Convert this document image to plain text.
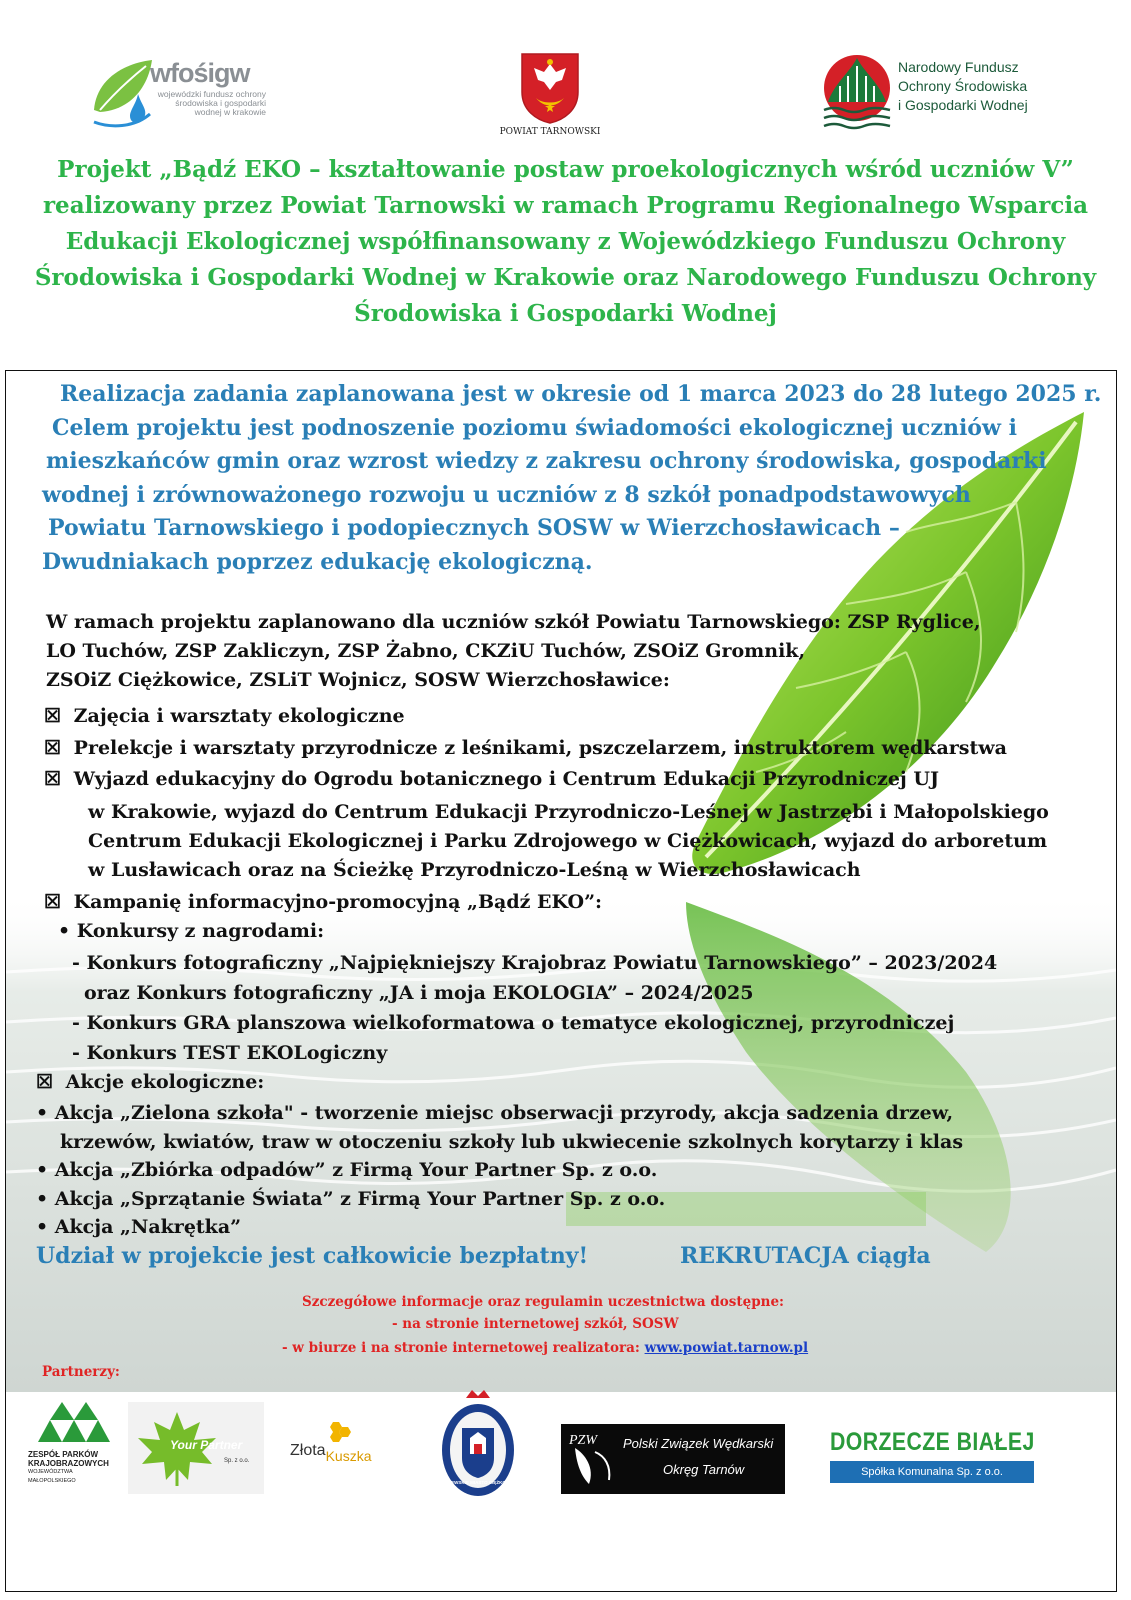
wfośigw
wojewódzki fundusz ochrony środowiska i gospodarki wodnej w krakowie
POWIAT TARNOWSKI
Narodowy Fundusz
Ochrony Środowiska
i Gospodarki Wodnej
Projekt „Bądź EKO – kształtowanie postaw proekologicznych wśród uczniów V”
realizowany przez Powiat Tarnowski w ramach Programu Regionalnego Wsparcia
Edukacji Ekologicznej współfinansowany z Wojewódzkiego Funduszu Ochrony
Środowiska i Gospodarki Wodnej w Krakowie oraz Narodowego Funduszu Ochrony
Środowiska i Gospodarki Wodnej
Realizacja zadania zaplanowana jest w okresie od 1 marca 2023 do 28 lutego 2025 r.
Celem projektu jest podnoszenie poziomu świadomości ekologicznej uczniów i
mieszkańców gmin oraz wzrost wiedzy z zakresu ochrony środowiska, gospodarki
wodnej i zrównoważonego rozwoju u uczniów z 8 szkół ponadpodstawowych
Powiatu Tarnowskiego i podopiecznych SOSW w Wierzchosławicach –
Dwudniakach poprzez edukację ekologiczną.
W ramach projektu zaplanowano dla uczniów szkół Powiatu Tarnowskiego: ZSP Ryglice,
LO Tuchów, ZSP Zakliczyn, ZSP Żabno, CKZiU Tuchów, ZSOiZ Gromnik,
ZSOiZ Ciężkowice, ZSLiT Wojnicz, SOSW Wierzchosławice:
☒ Zajęcia i warsztaty ekologiczne
☒ Prelekcje i warsztaty przyrodnicze z leśnikami, pszczelarzem, instruktorem wędkarstwa
☒ Wyjazd edukacyjny do Ogrodu botanicznego i Centrum Edukacji Przyrodniczej UJ
w Krakowie, wyjazd do Centrum Edukacji Przyrodniczo-Leśnej w Jastrzębi i Małopolskiego
Centrum Edukacji Ekologicznej i Parku Zdrojowego w Ciężkowicach, wyjazd do arboretum
w Lusławicach oraz na Ścieżkę Przyrodniczo-Leśną w Wierzchosławicach
☒ Kampanię informacyjno-promocyjną „Bądź EKO”:
• Konkursy z nagrodami:
- Konkurs fotograficzny „Najpiękniejszy Krajobraz Powiatu Tarnowskiego” – 2023/2024
oraz Konkurs fotograficzny „JA i moja EKOLOGIA” – 2024/2025
- Konkurs GRA planszowa wielkoformatowa o tematyce ekologicznej, przyrodniczej
- Konkurs TEST EKOLogiczny
☒ Akcje ekologiczne:
• Akcja „Zielona szkoła" - tworzenie miejsc obserwacji przyrody, akcja sadzenia drzew,
krzewów, kwiatów, traw w otoczeniu szkoły lub ukwiecenie szkolnych korytarzy i klas
• Akcja „Zbiórka odpadów” z Firmą Your Partner Sp. z o.o.
• Akcja „Sprzątanie Świata” z Firmą Your Partner Sp. z o.o.
• Akcja „Nakrętka”
Udział w projekcie jest całkowicie bezpłatny!	REKRUTACJA ciągła
Szczegółowe informacje oraz regulamin uczestnictwa dostępne:
- na stronie internetowej szkół, SOSW
- w biurze i na stronie internetowej realizatora: www.powiat.tarnow.pl
Partnerzy:
ZESPÓŁ PARKÓW
KRAJOBRAZOWYCH
WOJEWÓDZTWA MAŁOPOLSKIEGO
Your Partner
Sp. z o.o.
ZłotaKuszka
KRÓLEWSKIE MIASTO CIĘŻKOWICE
PZW Polski Związek Wędkarski
Okręg Tarnów
DORZECZE BIAŁEJ
Spółka Komunalna Sp. z o.o.
